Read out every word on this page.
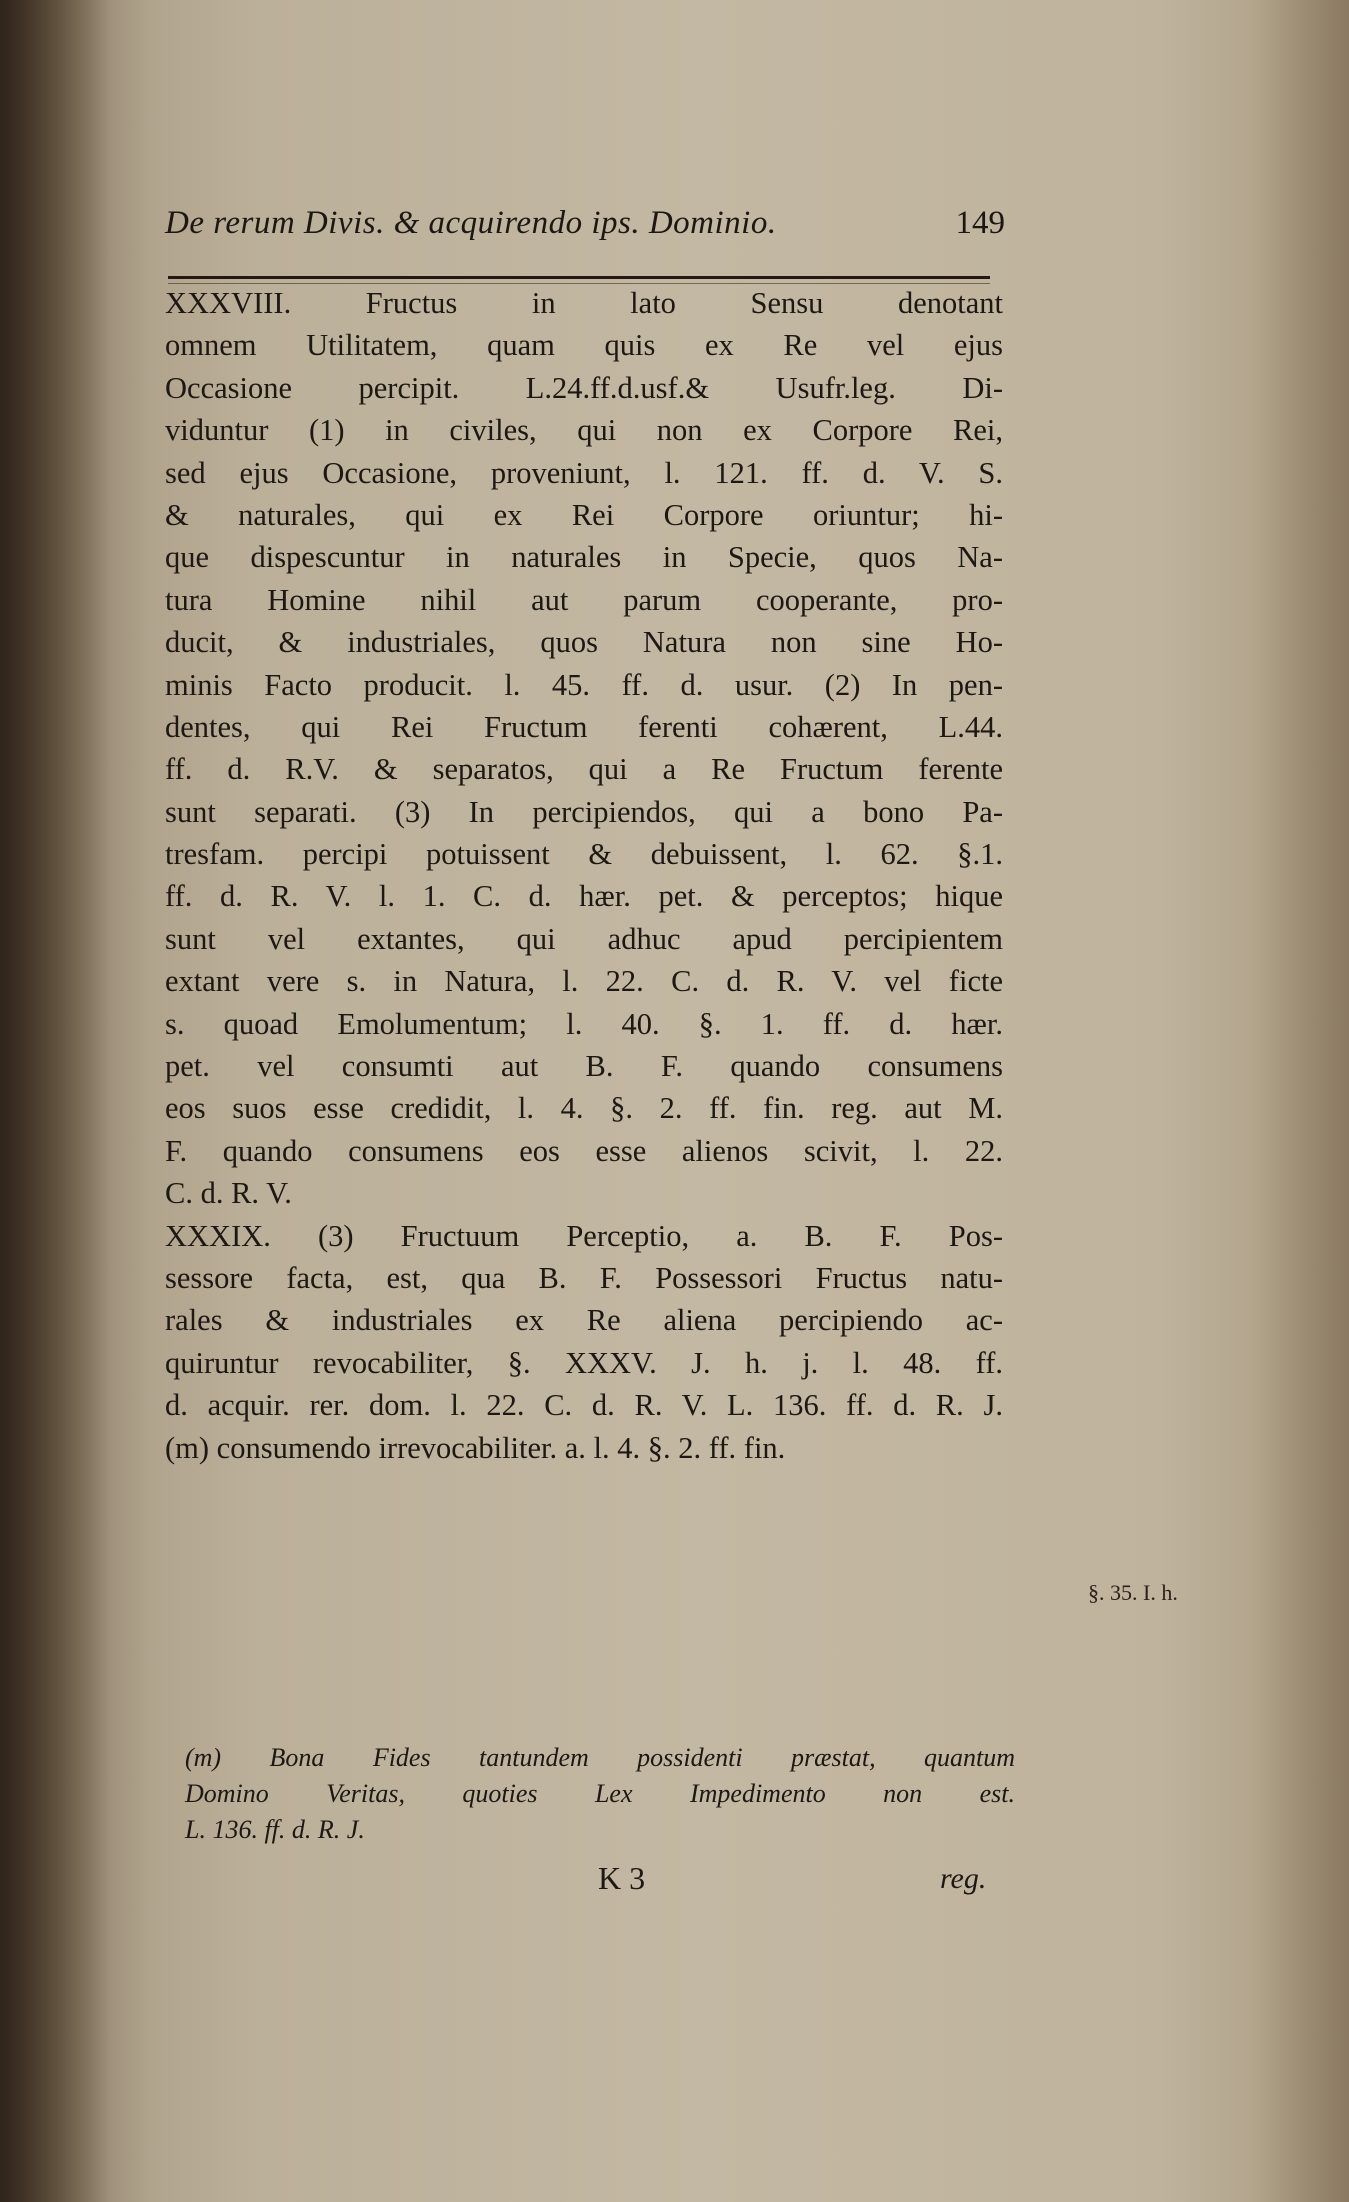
De rerum Divis. & acquirendo ips. Dominio.	149
XXXVIII. Fructus in lato Sensu denotant
omnem Utilitatem, quam quis ex Re vel ejus
Occasione percipit. L.24.ff.d.usf.& Usufr.leg. Di-
viduntur (1) in civiles, qui non ex Corpore Rei,
sed ejus Occasione, proveniunt, l. 121. ff. d. V. S.
& naturales, qui ex Rei Corpore oriuntur; hi-
que dispescuntur in naturales in Specie, quos Na-
tura Homine nihil aut parum cooperante, pro-
ducit, & industriales, quos Natura non sine Ho-
minis Facto producit. l. 45. ff. d. usur. (2) In pen-
dentes, qui Rei Fructum ferenti cohærent, L.44.
ff. d. R.V. & separatos, qui a Re Fructum ferente
sunt separati. (3) In percipiendos, qui a bono Pa-
tresfam. percipi potuissent & debuissent, l. 62. §.1.
ff. d. R. V. l. 1. C. d. hær. pet. & perceptos; hique
sunt vel extantes, qui adhuc apud percipientem
extant vere s. in Natura, l. 22. C. d. R. V. vel ficte
s. quoad Emolumentum; l. 40. §. 1. ff. d. hær.
pet. vel consumti aut B. F. quando consumens
eos suos esse credidit, l. 4. §. 2. ff. fin. reg. aut M.
F. quando consumens eos esse alienos scivit, l. 22.
C. d. R. V.
XXXIX. (3) Fructuum Perceptio, a. B. F. Pos-
sessore facta, est, qua B. F. Possessori Fructus natu-
rales & industriales ex Re aliena percipiendo ac-
quiruntur revocabiliter, §. XXXV. J. h. j. l. 48. ff.
d. acquir. rer. dom. l. 22. C. d. R. V. L. 136. ff. d. R. J.
(m) consumendo irrevocabiliter. a. l. 4. §. 2. ff. fin.
§. 35. I. h.
(m) Bona Fides tantundem possidenti præstat, quantum
Domino Veritas, quoties Lex Impedimento non est.
L. 136. ff. d. R. J.
K 3	reg.
